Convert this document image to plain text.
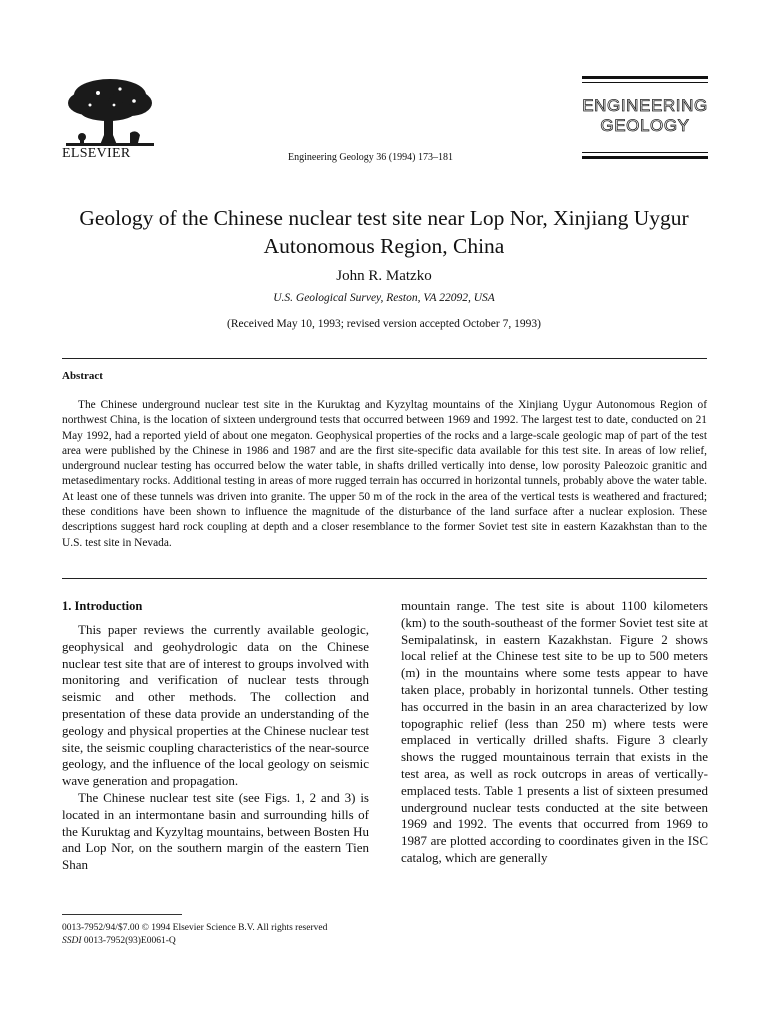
ELSEVIER	Engineering Geology 36 (1994) 173–181
ENGINEERING
GEOLOGY
Geology of the Chinese nuclear test site near Lop Nor, Xinjiang Uygur Autonomous Region, China
John R. Matzko
U.S. Geological Survey, Reston, VA 22092, USA
(Received May 10, 1993; revised version accepted October 7, 1993)
Abstract

The Chinese underground nuclear test site in the Kuruktag and Kyzyltag mountains of the Xinjiang Uygur Autonomous Region of northwest China, is the location of sixteen underground tests that occurred between 1969 and 1992. The largest test to date, conducted on 21 May 1992, had a reported yield of about one megaton. Geophysical properties of the rocks and a large-scale geologic map of part of the test area were published by the Chinese in 1986 and 1987 and are the first site-specific data available for this test site. In areas of low relief, underground nuclear testing has occurred below the water table, in shafts drilled vertically into dense, low porosity Paleozoic granitic and metasedimentary rocks. Additional testing in areas of more rugged terrain has occurred in horizontal tunnels, probably above the water table. At least one of these tunnels was driven into granite. The upper 50 m of the rock in the area of the vertical tests is weathered and fractured; these conditions have been shown to influence the magnitude of the disturbance of the land surface after a nuclear explosion. These descriptions suggest hard rock coupling at depth and a closer resemblance to the former Soviet test site in eastern Kazakhstan than to the U.S. test site in Nevada.

1. Introduction

This paper reviews the currently available geologic, geophysical and geohydrologic data on the Chinese nuclear test site that are of interest to groups involved with monitoring and verification of nuclear tests through seismic and other methods. The collection and presentation of these data provide an understanding of the geology and physical properties at the Chinese nuclear test site, the seismic coupling characteristics of the near-source geology, and the influence of the local geology on seismic wave generation and propagation.

The Chinese nuclear test site (see Figs. 1, 2 and 3) is located in an intermontane basin and surrounding hills of the Kuruktag and Kyzyltag mountains, between Bosten Hu and Lop Nor, on the southern margin of the eastern Tien Shan

mountain range. The test site is about 1100 kilometers (km) to the south-southeast of the former Soviet test site at Semipalatinsk, in eastern Kazakhstan. Figure 2 shows local relief at the Chinese test site to be up to 500 meters (m) in the mountains where some tests appear to have taken place, probably in horizontal tunnels. Other testing has occurred in the basin in an area characterized by low topographic relief (less than 250 m) where tests were emplaced in vertically drilled shafts. Figure 3 clearly shows the rugged mountainous terrain that exists in the test area, as well as rock outcrops in areas of vertically-emplaced tests. Table 1 presents a list of sixteen presumed underground nuclear tests conducted at the site between 1969 and 1992. The events that occurred from 1969 to 1987 are plotted according to coordinates given in the ISC catalog, which are generally

0013-7952/94/$7.00 © 1994 Elsevier Science B.V. All rights reserved
SSDI 0013-7952(93)E0061-Q
